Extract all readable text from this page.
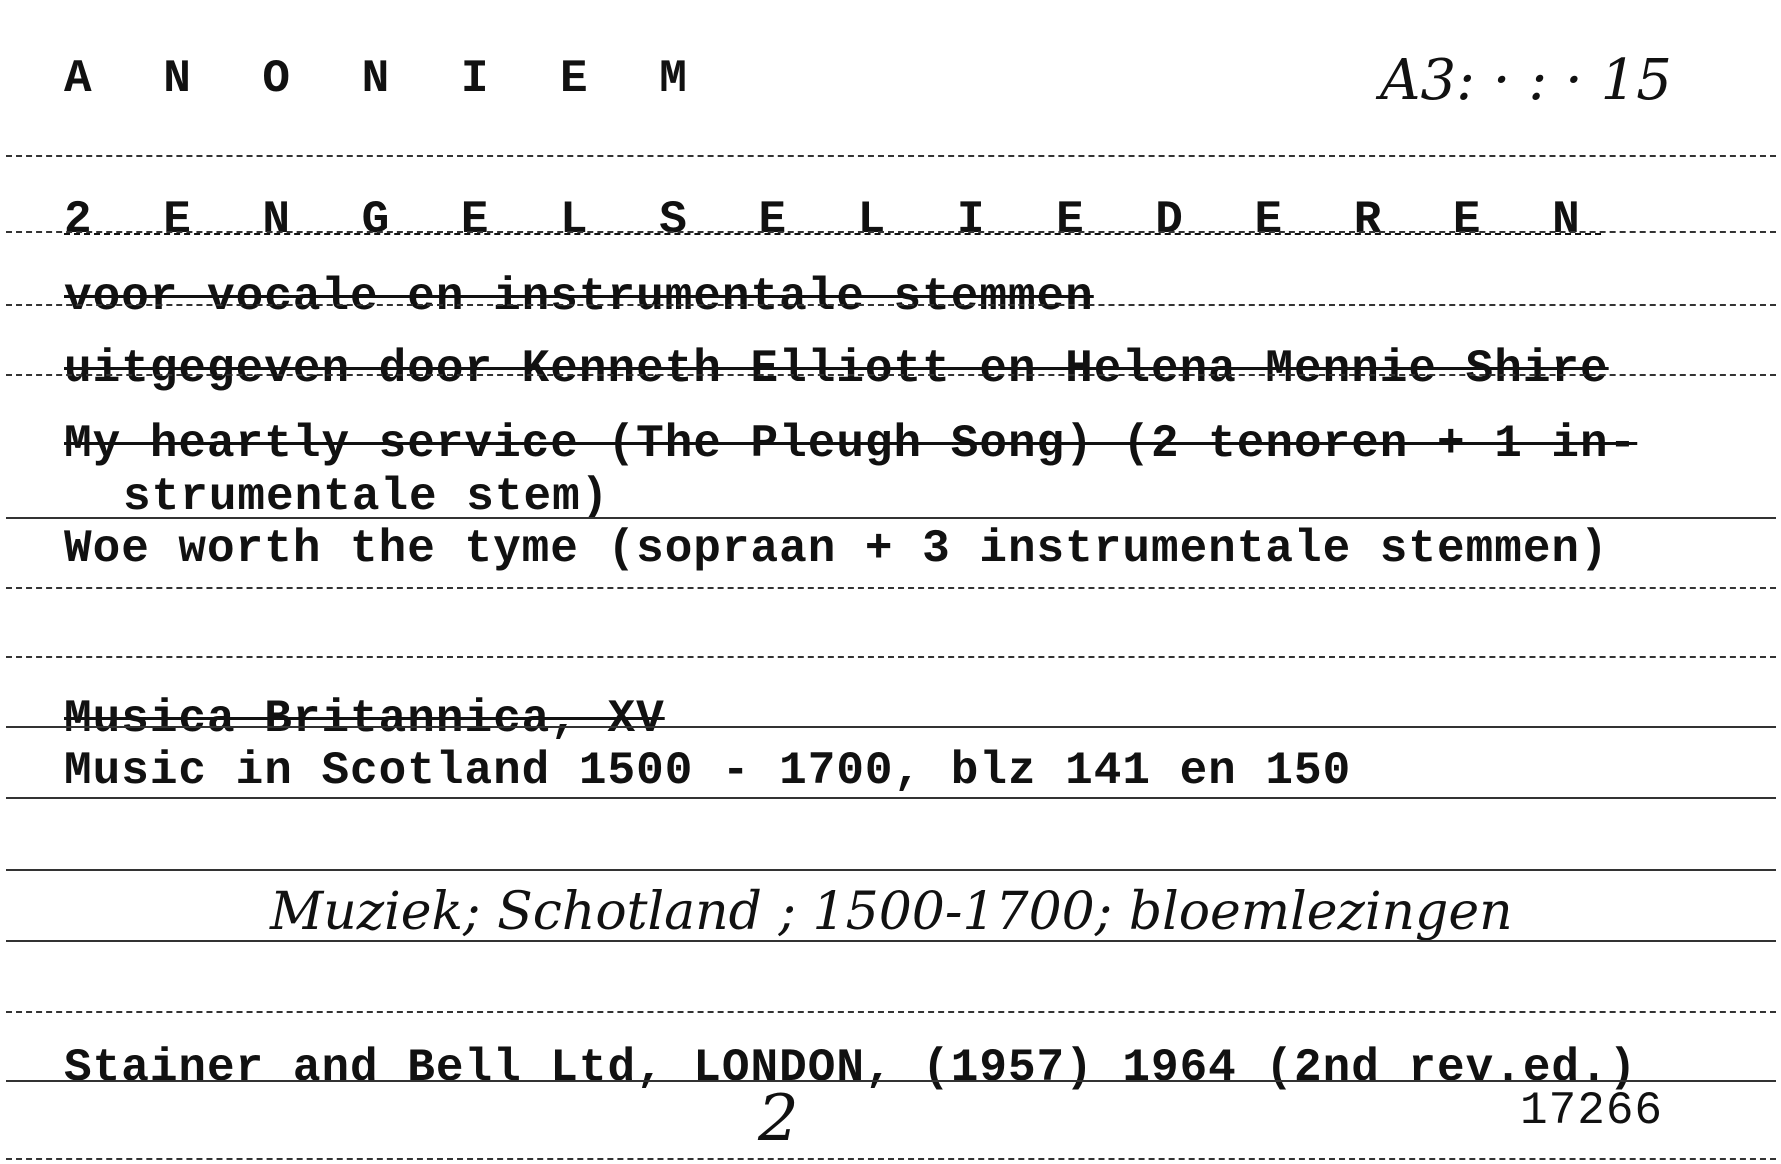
A N O N I E M	A3: · : · 15

2 E N G E L S E L I E D E R E N

voor vocale en instrumentale stemmen

uitgegeven door Kenneth Elliott en Helena Mennie Shire

My heartly service (The Pleugh Song) (2 tenoren + 1 in-

strumentale stem)

Woe worth the tyme (sopraan + 3 instrumentale stemmen)

Musica Britannica, XV

Music in Scotland 1500 - 1700, blz 141 en 150

Muziek; Schotland ; 1500-1700; bloemlezingen

Stainer and Bell Ltd, LONDON, (1957) 1964 (2nd rev.ed.)

2	17266
